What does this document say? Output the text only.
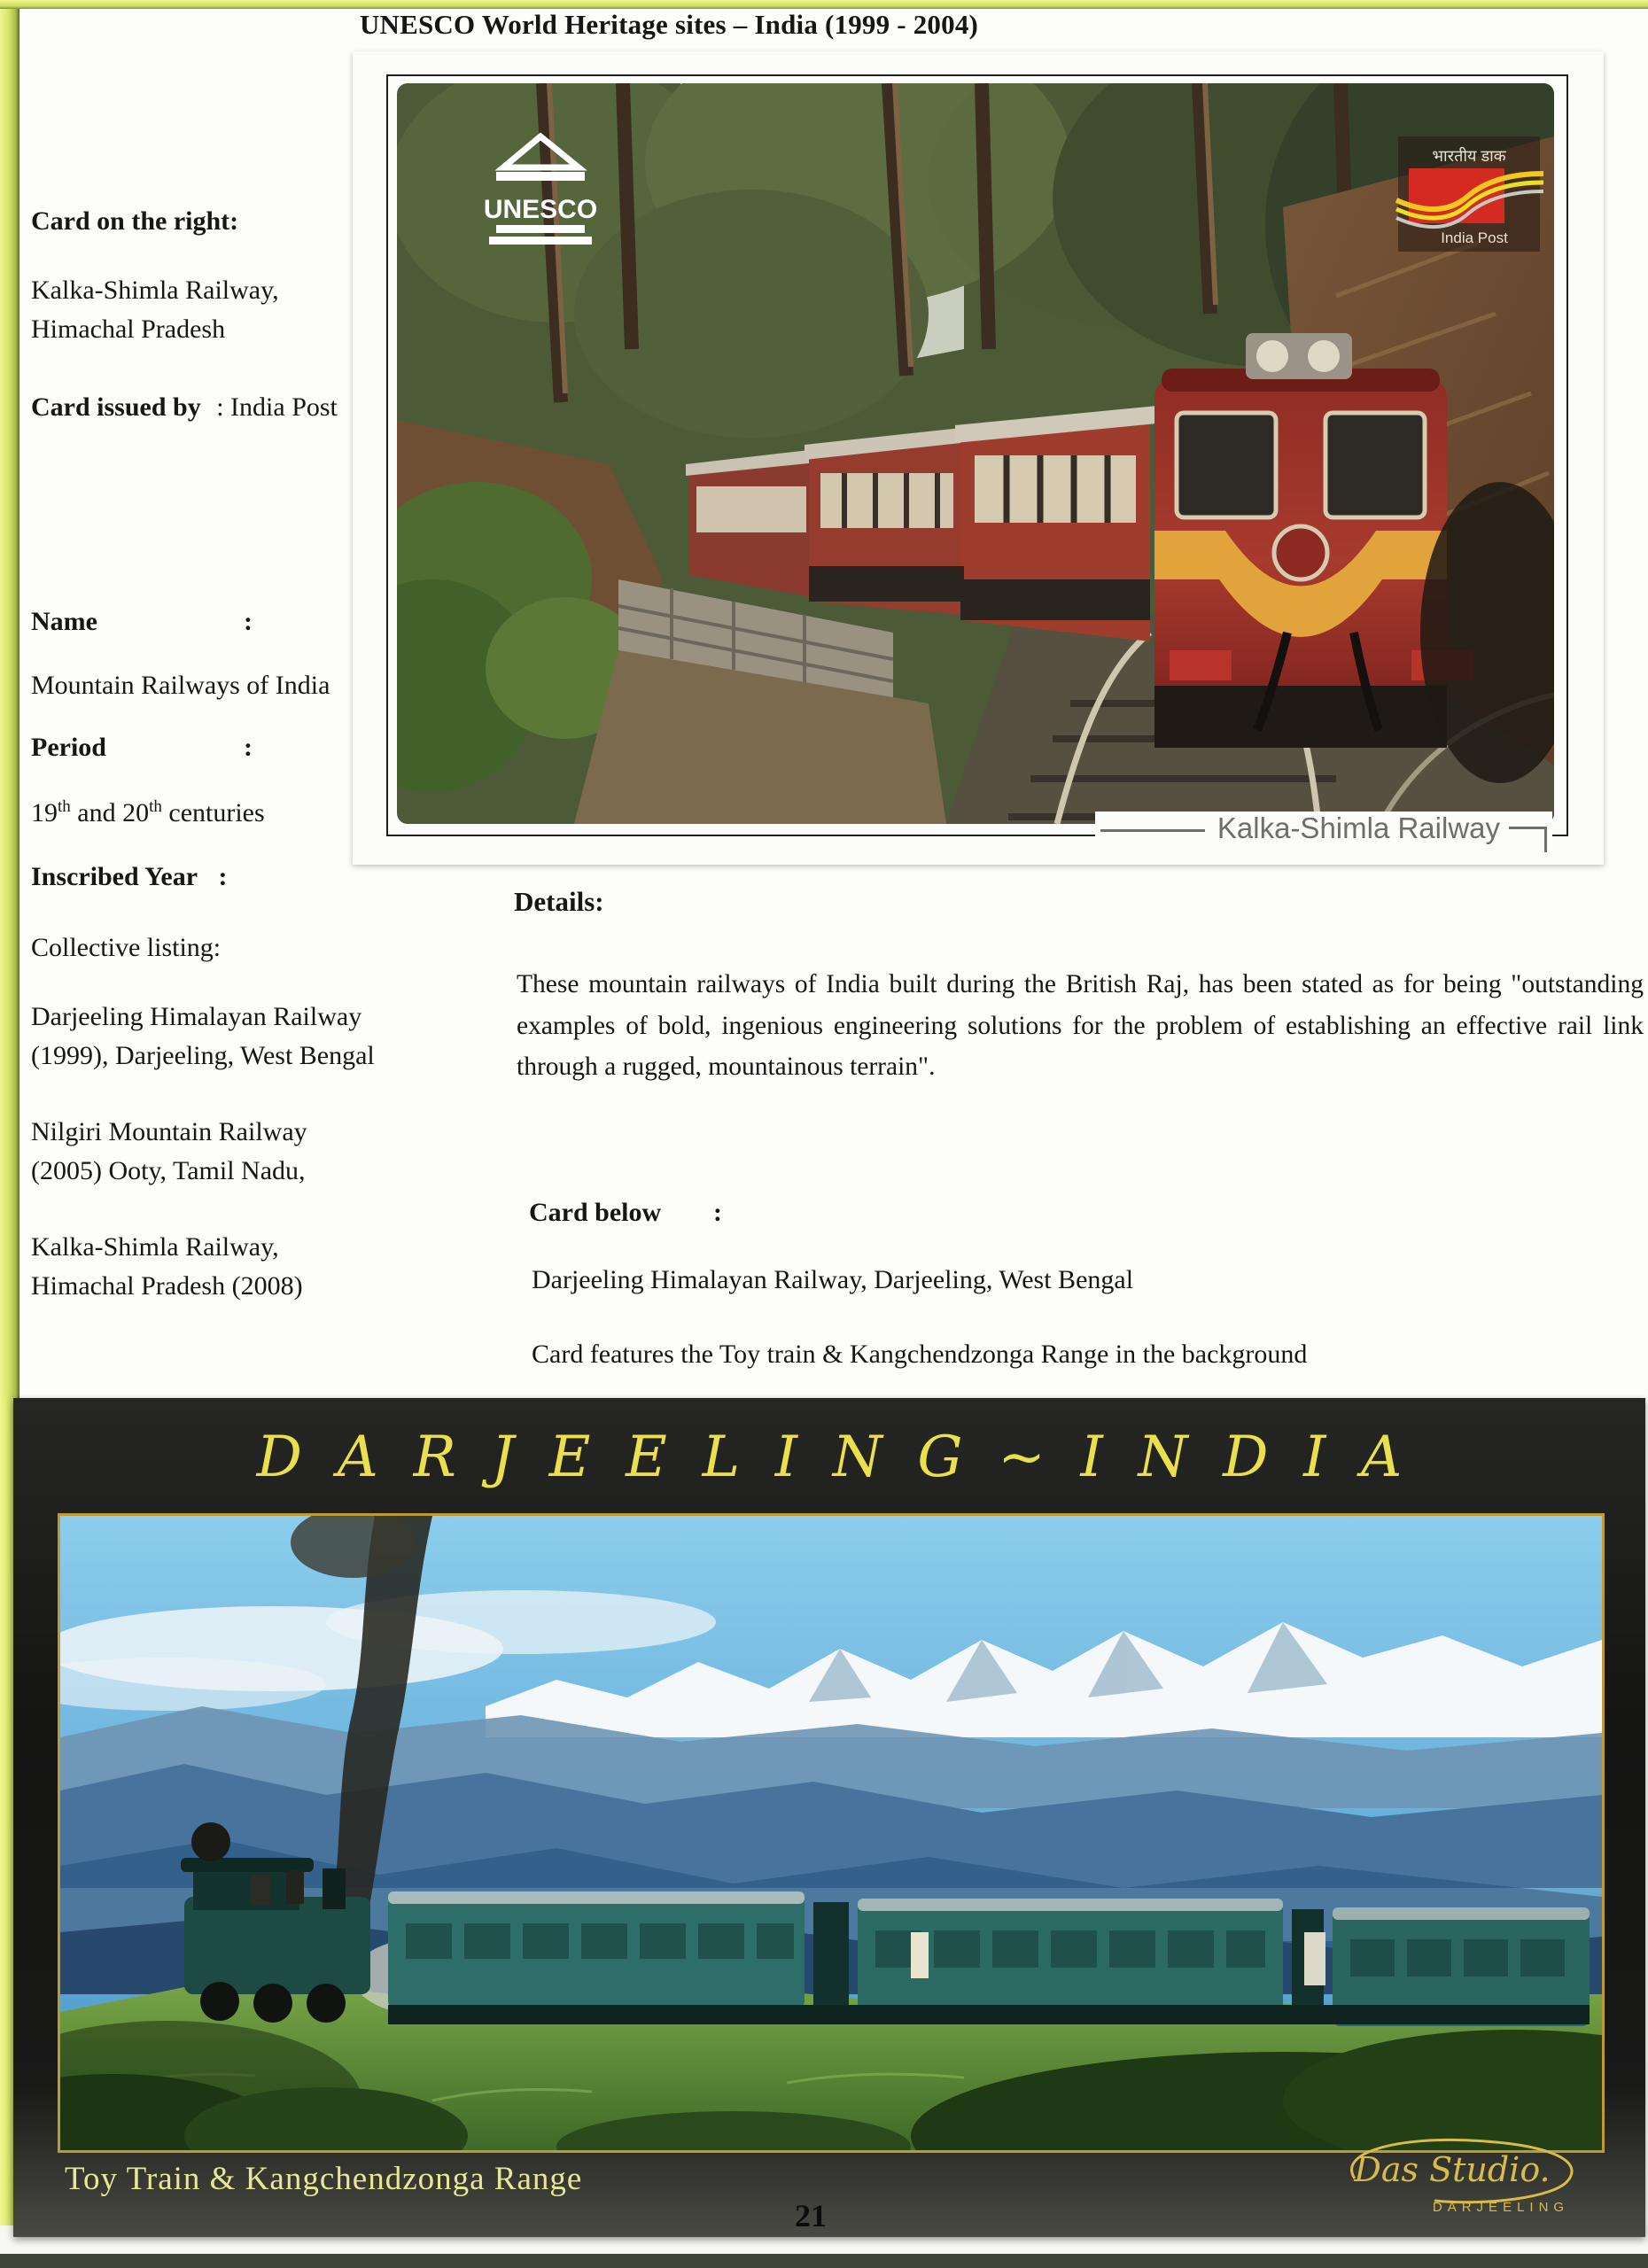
UNESCO World Heritage sites – India (1999 - 2004)
Card on the right:
Kalka-Shimla Railway,
Himachal Pradesh
Card issued by : India Post
Name	:
Mountain Railways of India
Period	:
19th and 20th centuries
Inscribed Year :
Collective listing:
Darjeeling Himalayan Railway
(1999), Darjeeling, West Bengal
Nilgiri Mountain Railway
(2005) Ooty, Tamil Nadu,
Kalka-Shimla Railway,
Himachal Pradesh (2008)
UNESCO
भारतीय डाक
India Post
Kalka-Shimla Railway
Details:
These mountain railways of India built during the British Raj, has been stated as for being "outstanding examples of bold, ingenious engineering solutions for the problem of establishing an effective rail link through a rugged, mountainous terrain".
Card below :
Darjeeling Himalayan Railway, Darjeeling, West Bengal
Card features the Toy train & Kangchendzonga Range in the background
DARJEELING~INDIA
Toy Train & Kangchendzonga Range	Das Studio.
DARJEELING
21
